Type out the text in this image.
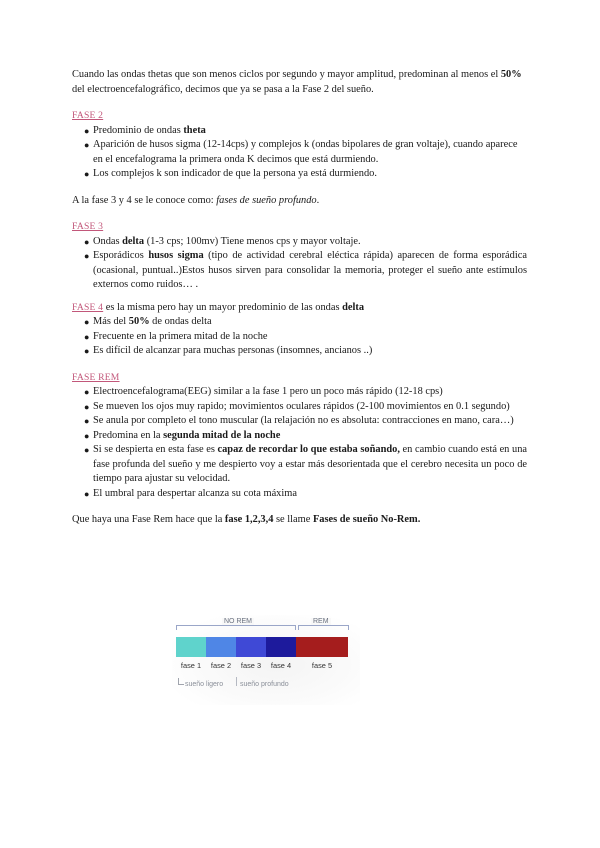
Cuando las ondas thetas que son menos ciclos por segundo y mayor amplitud, predominan al menos el 50% del electroencefalográfico, decimos que ya se pasa a la Fase 2 del sueño.

FASE 2

● Predominio de ondas theta
● Aparición de husos sigma (12-14cps) y complejos k (ondas bipolares de gran voltaje), cuando aparece en el encefalograma la primera onda K decimos que está durmiendo.
● Los complejos k son indicador de que la persona ya está durmiendo.

A la fase 3 y 4 se le conoce como: fases de sueño profundo.

FASE 3

● Ondas delta (1-3 cps; 100mv) Tiene menos cps y mayor voltaje.
● Esporádicos husos sigma (tipo de actividad cerebral eléctica rápida) aparecen de forma esporádica (ocasional, puntual..)Estos husos sirven para consolidar la memoria, proteger el sueño ante estímulos externos como ruidos… .

FASE 4 es la misma pero hay un mayor predominio de las ondas delta

● Más del 50% de ondas delta
● Frecuente en la primera mitad de la noche
● Es difícil de alcanzar para muchas personas (insomnes, ancianos ..)

FASE REM

● Electroencefalograma(EEG) similar a la fase 1 pero un poco más rápido (12-18 cps)
● Se mueven los ojos muy rapido; movimientos oculares rápidos (2-100 movimientos en 0.1 segundo)
● Se anula por completo el tono muscular (la relajación no es absoluta: contracciones en mano, cara…)
● Predomina en la segunda mitad de la noche
● Si se despierta en esta fase es capaz de recordar lo que estaba soñando, en cambio cuando está en una fase profunda del sueño y me despierto voy a estar más desorientada que el cerebro necesita un poco de tiempo para ajustar su velocidad.
● El umbral para despertar alcanza su cota máxima

Que haya una Fase Rem hace que la fase 1,2,3,4 se llame Fases de sueño No-Rem.

NO REM	REM
fase 1	fase 2	fase 3	fase 4	fase 5
sueño ligero sueño profundo
